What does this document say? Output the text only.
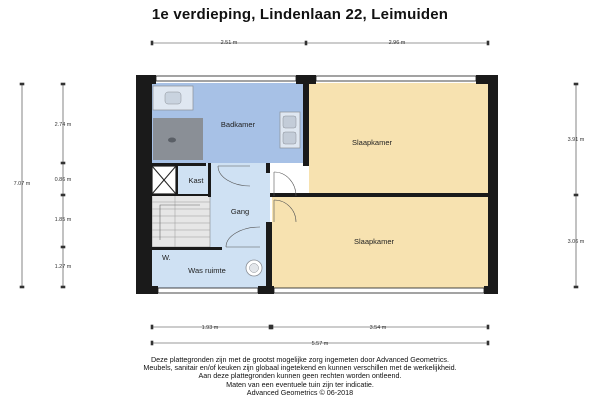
1e verdieping, Lindenlaan 22, Leimuiden
Badkamer
Slaapkamer
Slaapkamer
Kast
Gang
W.
Was ruimte
2.51 m	2.96 m
1.93 m	3.54 m
5.57 m
7.07 m
2.74 m
0.86 m
1.85 m
1.27 m
3.91 m
3.06 m
Deze plattegronden zijn met de grootst mogelijke zorg ingemeten door Advanced Geometrics.
Meubels, sanitair en/of keuken zijn globaal ingetekend en kunnen verschillen met de werkelijkheid.
Aan deze plattegronden kunnen geen rechten worden ontleend.
Maten van een eventuele tuin zijn ter indicatie.
Advanced Geometrics © 06-2018
